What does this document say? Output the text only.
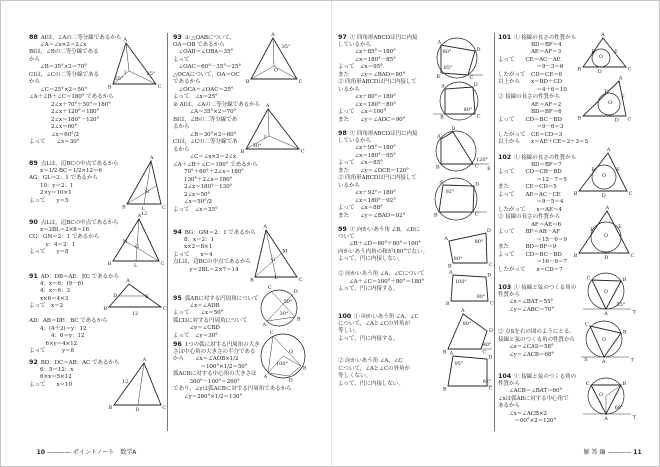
88 AIは，∠Aの二等分線であるから
　　∠A＝∠x×2＝2∠x
BIは，∠Bの二等分線である
から
　　∠B＝35°×2＝70°
CIは，∠Cの二等分線である
から
　　∠C＝25°×2＝50°
∠A＋∠B＋∠C＝180° であるから
　　　　2∠x＋70°＋50°＝180°
　　　　2∠x＋120°＝180°
　　　　2∠x＝180°－120°
　　　　2∠x＝60°
　　　　∠x＝60°/2
よって　　∠x＝30°
89 点Lは，辺BCの中点であるから
　　x＝1/2 BC＝1/2×12＝6
AG：GL＝2：1 であるから
　　10：y＝2：1
　　2×y＝10×1
よって　　y＝5
90 点Lは，辺BCの中点であるから
　　x＝2BL＝2×8＝16
CG：GN＝2：1 であるから
　　　y：4＝2：1
よって　　y＝8
91 AD：DB＝AE：EC であるから
　　4：x＝6：(9－6)
　　4：x＝6：3
　　x×6＝4×3
よって　x＝2
AD：AB＝DE：BC であるから
　　4：(4＋2)＝y：12
　　　　4：6＝y：12
　　　6×y＝4×12
よって　　　y＝8
92 BD：DC＝AB：AC であるから
　　6：5＝12：x
　　6×x＝5×12
よって　　x＝10
93 ① △OABについて，
OA＝OB であるから
　∠OAB＝∠OBA＝35°
よって
　∠OAC＝60°－35°＝25°
△OCAについて，OA＝OC
であるから
　∠OCA＝∠OAC＝25°
よって　∠x＝25°
② AIは，∠Aの二等分線であるから
　　　∠A＝35°×2＝70°
BIは，∠Bの二等分線であ
るから
　　　∠B＝30°×2＝60°
CIは，∠Cの二等分線であ
るから
　　　∠C＝∠x×2＝2∠x
∠A＋∠B＋∠C＝180° であるから
　　70°＋60°＋2∠x＝180°
　　130°＋2∠x＝180°
　　2∠x＝180°－130°
　　2∠x＝50°
　　∠x＝50°/2
よって　∠x＝25°
94 BG：GM＝2：1 であるから
　　8：x＝2：1
　　x×2＝8×1
よって　　x＝4
点Lは，辺BCの中点であるから
　　　y＝2BL＝2×7＝14
95 弧ABに対する円周角について
　　　∠x＝∠ADB
よって　　∠x＝50°
弧CDに対する円周角について
　　　∠y＝∠CBD
よって　∠y＝30°
96 1つの弧に対する円周角の大き
さは中心角の大きさの半分である
から　　∠x＝∠AOB×1/2
　　　　　＝100°×1/2＝50°
弧ACBに対する中心角の大きさは
　　　360°－100°＝260°
であり，∠yは弧ACBに対する円周角であるから
　　∠y＝260°×1/2＝130°
97 ① 四角形ABCDは円に内接
しているから
　　　∠x＋85°＝180°
　　　∠x＝180°－85°
よって　∠x＝95°
また　　∠y＝∠BAD＝80°
② 四角形ABCDは円に内接して
いるから
　　　∠x＋80°＝180°
　　　∠x＝180°－80°
よって　∠x＝100°
また　　∠y＝∠ADC＝90°
98 ① 四角形ABCDは円に内接
しているから
　　　∠x＋95°＝180°
　　　∠x＝180°－95°
よって　∠x＝85°
また　　∠y＝∠DCE＝120°
② 四角形ABCDは円に内接して
いるから
　　　∠x＋92°＝180°
　　　∠x＝180°－92°
よって　∠x＝88°
また　　∠y＝∠BAD＝92°
99 ① 向かいあう角 ∠B，∠Dに
ついて
　　∠B＋∠D＝80°＋80°＝160°
向かいあう内角の和が180°でない。
よって，円に内接しない。
② 向かいあう角 ∠A，∠Cについて
　　∠A＋∠C＝100°＋80°＝180°
よって，円に内接する。
100 ① 向かいあう角 ∠A，∠C
について，∠Aと∠Cの外角が
等しい。
よって，円に内接する。
② 向かいあう角 ∠A，∠C
について，∠Aと∠Cの外角が
等しくない。
よって，円に内接しない。
101 ① 接線の長さの性質から
　　　　　　BD＝BF＝4
　　　　　　AE＝AF＝3
よって　　CE＝AC－AE
　　　　　　　＝9－3＝6
したがって　CD＝CE＝6
以上から　　x＝BD＋CD
　　　　　　　＝4＋6＝10
② 接線の長さの性質から
　　　　　　AE＝AF＝2
　　　　　　BD＝BF＝6
よって　　CD＝BC－BD
　　　　　　　＝9－6＝3
したがって　CE＝CD＝3
以上から　　x＝AE＋CE＝2＋3＝5
102 ① 接線の長さの性質から
　　　　　　BD＝BF＝7
よって　　CD＝CB－BD
　　　　　　　＝12－7＝5
また　　　CE＝CD＝5
よって　　AE＝AC－CE
　　　　　　　＝9－5＝4
したがって　　x＝AE＝4
② 接線の長さの性質から
　　　　　　AF＝AE＝6
よって　　BF＝AB－AF
　　　　　　　＝15－6＝9
また　　　BD＝BF＝9
よって　　CD＝BC－BD
　　　　　　　＝16－9＝7
したがって　　x＝CD＝7
103 ① 接線と弦のつくる角の
性質から
　　∠x＝∠BAT＝55°
　　∠y＝∠ABC＝70°
② 点Sを右の図のようにとる。
接線と弦のつくる角の性質から
　　∠x＝∠CAS＝58°
　　∠y＝∠ACB＝68°
104 ① 接線と弦のつくる角の
性質から
　　∠ACB＝∠BAT＝60°
∠xは弧ABに対する中心角で
あるから
　　∠x＝∠ACB×2
　　　＝60°×2＝120°
A
B	C
I
35°
25°
A
B	C
L
G
12
A
B	C
L
N
G
A
B	C
D	E
12
A
B	C
D
12
A
B	C
O
35°
A
B	C
I
30°
A
B	C
M
G
L
A
B
C
D
50°
30°
A
B
C
D
O
100°
A
B	C
D
80°
85°
A
B	C
D
80°
A
B	C
D
E
120°
A
B	C
D
92°
A
B	C
D
80°
80°
A
B	C
D
100°
80°
A
B	C
D
80°
80°
A
B	C
D
95°
92°
A
B	C
D
E
F
O
A
B	C
D
E
F
O
A
B	C
D
E
F
O
A
B	C
D
E
F
O
A
B
C
T
O
55°
A
B
C
T
S
O
A
B
C
T
O
60°

10 ———— ポイントノート　数学A
	解 答 編 ———— 11
